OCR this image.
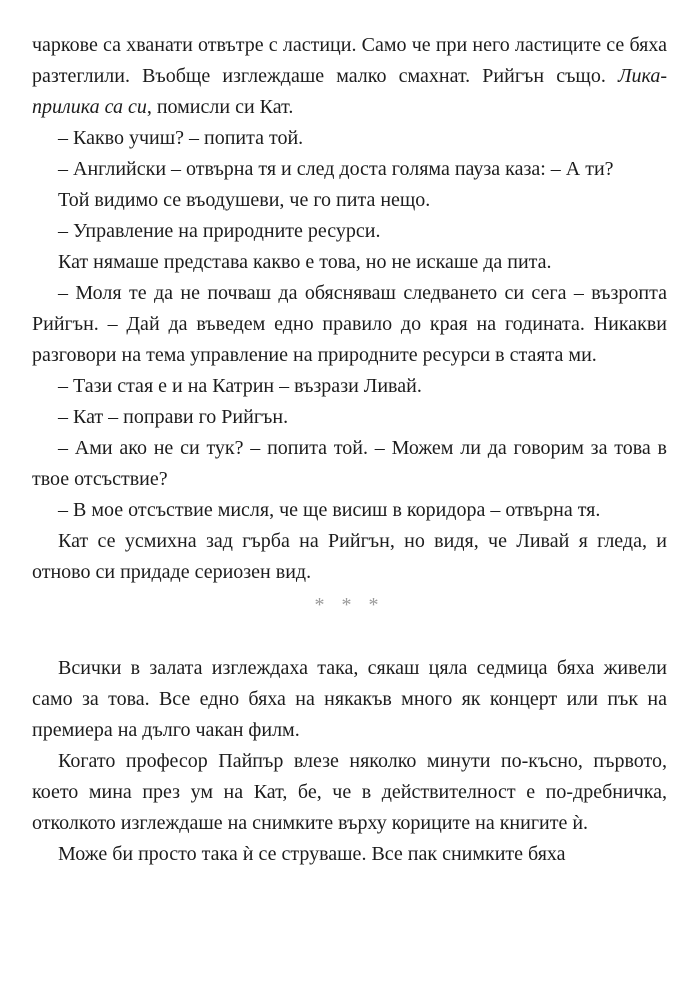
чаркове са хванати отвътре с ластици. Само че при него ластиците се бяха разтеглили. Въобще изглеждаше малко смахнат. Рийгън също. Лика-прилика са си, помисли си Кат.

– Какво учиш? – попита той.

– Английски – отвърна тя и след доста голяма пауза каза: – А ти?

Той видимо се въодушеви, че го пита нещо.

– Управление на природните ресурси.

Кат нямаше представа какво е това, но не искаше да пита.

– Моля те да не почваш да обясняваш следването си сега – възропта Рийгън. – Дай да въведем едно правило до края на годината. Никакви разговори на тема управление на природните ресурси в стаята ми.

– Тази стая е и на Катрин – възрази Ливай.

– Кат – поправи го Рийгън.

– Ами ако не си тук? – попита той. – Можем ли да говорим за това в твое отсъствие?

– В мое отсъствие мисля, че ще висиш в коридора – отвърна тя.

Кат се усмихна зад гърба на Рийгън, но видя, че Ливай я гледа, и отново си придаде сериозен вид.

* * *

Всички в залата изглеждаха така, сякаш цяла седмица бяха живели само за това. Все едно бяха на някакъв много як концерт или пък на премиера на дълго чакан филм.

Когато професор Пайпър влезе няколко минути по-късно, първото, което мина през ум на Кат, бе, че в действителност е по-дребничка, отколкото изглеждаше на снимките върху кориците на книгите ѝ.

Може би просто така ѝ се струваше. Все пак снимките бяха
